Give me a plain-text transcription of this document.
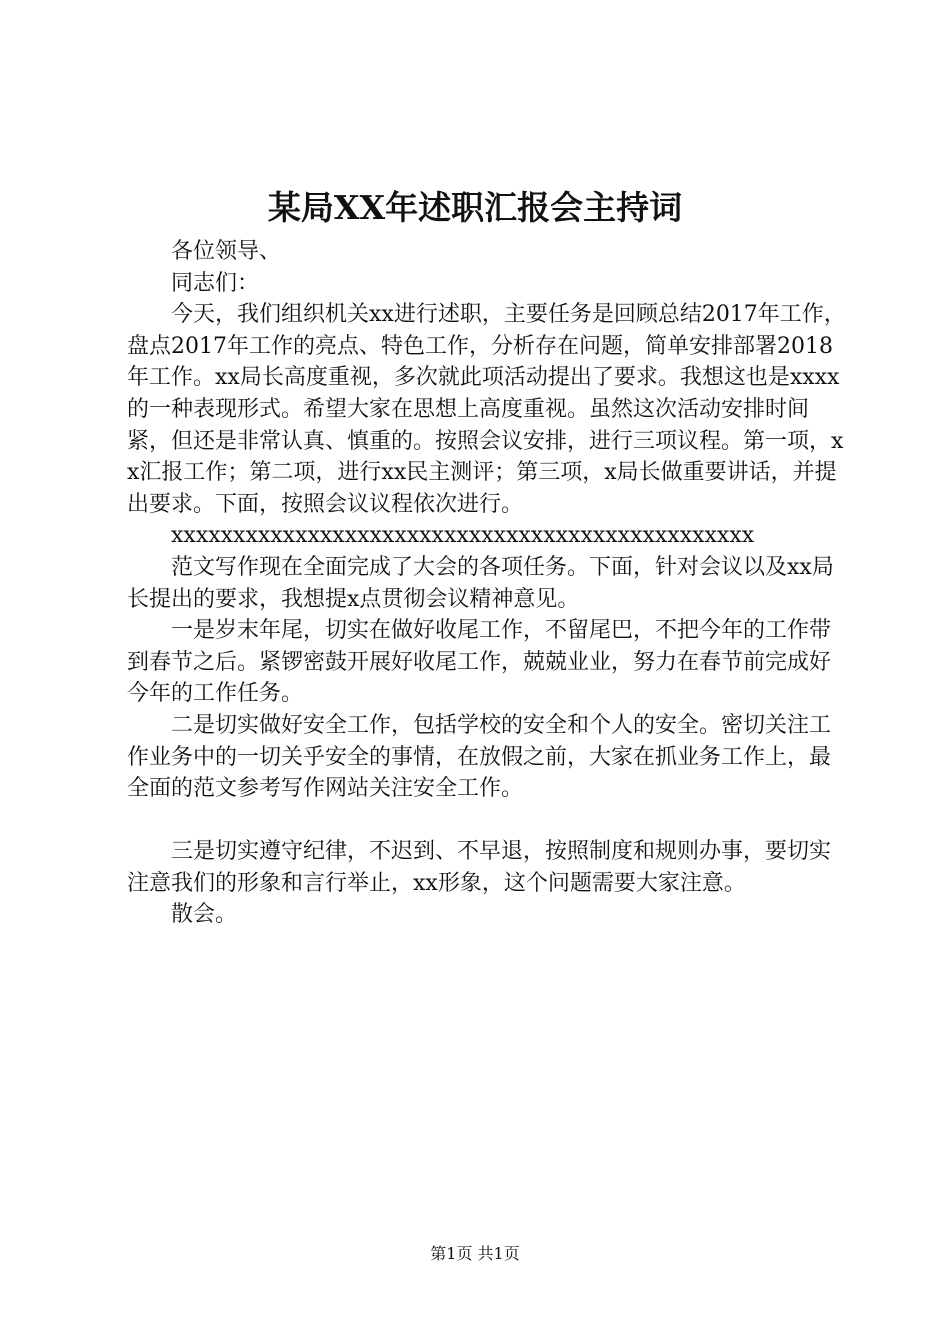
某局XX年述职汇报会主持词

各位领导、

同志们：

今天，我们组织机关xx进行述职，主要任务是回顾总结2017年工作，盘点2017年工作的亮点、特色工作，分析存在问题，简单安排部署2018年工作。xx局长高度重视，多次就此项活动提出了要求。我想这也是xxxx的一种表现形式。希望大家在思想上高度重视。虽然这次活动安排时间紧，但还是非常认真、慎重的。按照会议安排，进行三项议程。第一项，xx汇报工作；第二项，进行xx民主测评；第三项，x局长做重要讲话，并提出要求。下面，按照会议议程依次进行。

xxxxxxxxxxxxxxxxxxxxxxxxxxxxxxxxxxxxxxxxxxxxxxx

范文写作现在全面完成了大会的各项任务。下面，针对会议以及xx局长提出的要求，我想提x点贯彻会议精神意见。

一是岁末年尾，切实在做好收尾工作，不留尾巴，不把今年的工作带到春节之后。紧锣密鼓开展好收尾工作，兢兢业业，努力在春节前完成好今年的工作任务。

二是切实做好安全工作，包括学校的安全和个人的安全。密切关注工作业务中的一切关乎安全的事情，在放假之前，大家在抓业务工作上，最全面的范文参考写作网站关注安全工作。

三是切实遵守纪律，不迟到、不早退，按照制度和规则办事，要切实注意我们的形象和言行举止，xx形象，这个问题需要大家注意。

散会。

第1页 共1页
